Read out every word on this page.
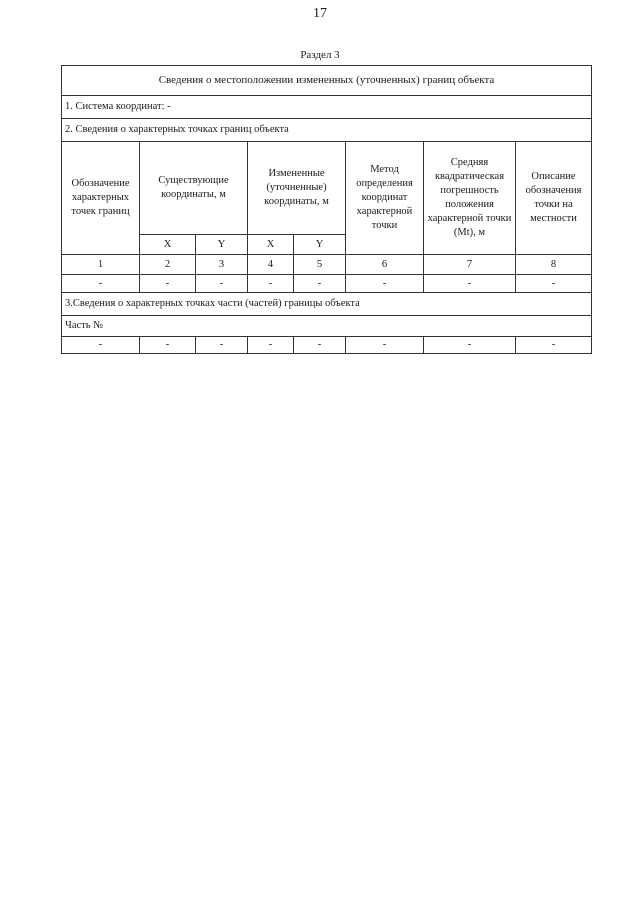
17
Раздел 3
Сведения о местоположении измененных (уточненных) границ объекта							
1. Система координат: -							
2. Сведения о характерных точках границ объекта							
Обозначение характерных точек границ	Существующие координаты, м		Измененные (уточненные) координаты, м		Метод определения координат характерной точки	Средняя квадратическая погрешность положения характерной точки (Mt), м	Описание обозначения точки на местности
	X	Y	X	Y			
1	2	3	4	5	6	7	8
-	-	-	-	-	-	-	-
3.Сведения о характерных точках части (частей) границы объекта							
Часть №							
-	-	-	-	-	-	-	-
